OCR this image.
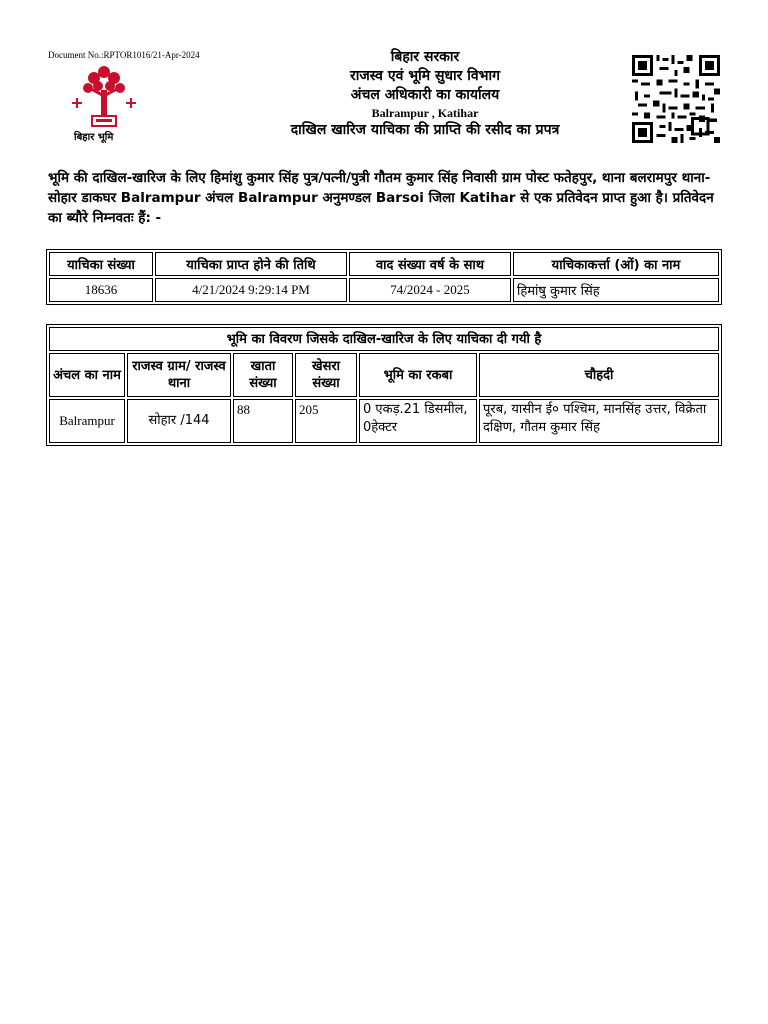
Document No.:RPTOR1016/21-Apr-2024
बिहार भूमि
बिहार सरकार
राजस्व एवं भूमि सुधार विभाग
अंचल अधिकारी का कार्यालय
Balrampur , Katihar
दाखिल खारिज याचिका की प्राप्ति की रसीद का प्रपत्र
भूमि की दाखिल-खारिज के लिए हिमांशु कुमार सिंह पुत्र/पत्नी/पुत्री गौतम कुमार सिंह निवासी ग्राम पोस्ट फतेहपुर, थाना बलरामपुर थाना-सोहार डाकघर Balrampur अंचल Balrampur अनुमण्डल Barsoi जिला Katihar से एक प्रतिवेदन प्राप्त हुआ है। प्रतिवेदन का ब्यौरे निम्नवतः हैं: -
याचिका संख्या	याचिका प्राप्त होने की तिथि	वाद संख्या वर्ष के साथ	याचिकाकर्त्ता (ओं) का नाम
18636	4/21/2024 9:29:14 PM	74/2024 - 2025	हिमांषु कुमार सिंह
भूमि का विवरण जिसके दाखिल-खारिज के लिए याचिका दी गयी है					
अंचल का नाम	राजस्व ग्राम/ राजस्व थाना	खाता संख्या	खेसरा संख्या	भूमि का रकबा	चौहदी
Balrampur	सोहार /144	88	205	0 एकड़.21 डिसमील, 0हेक्टर	पूरब, यासीन ई० पश्चिम, मानसिंह उत्तर, विक्रेता दक्षिण, गौतम कुमार सिंह
